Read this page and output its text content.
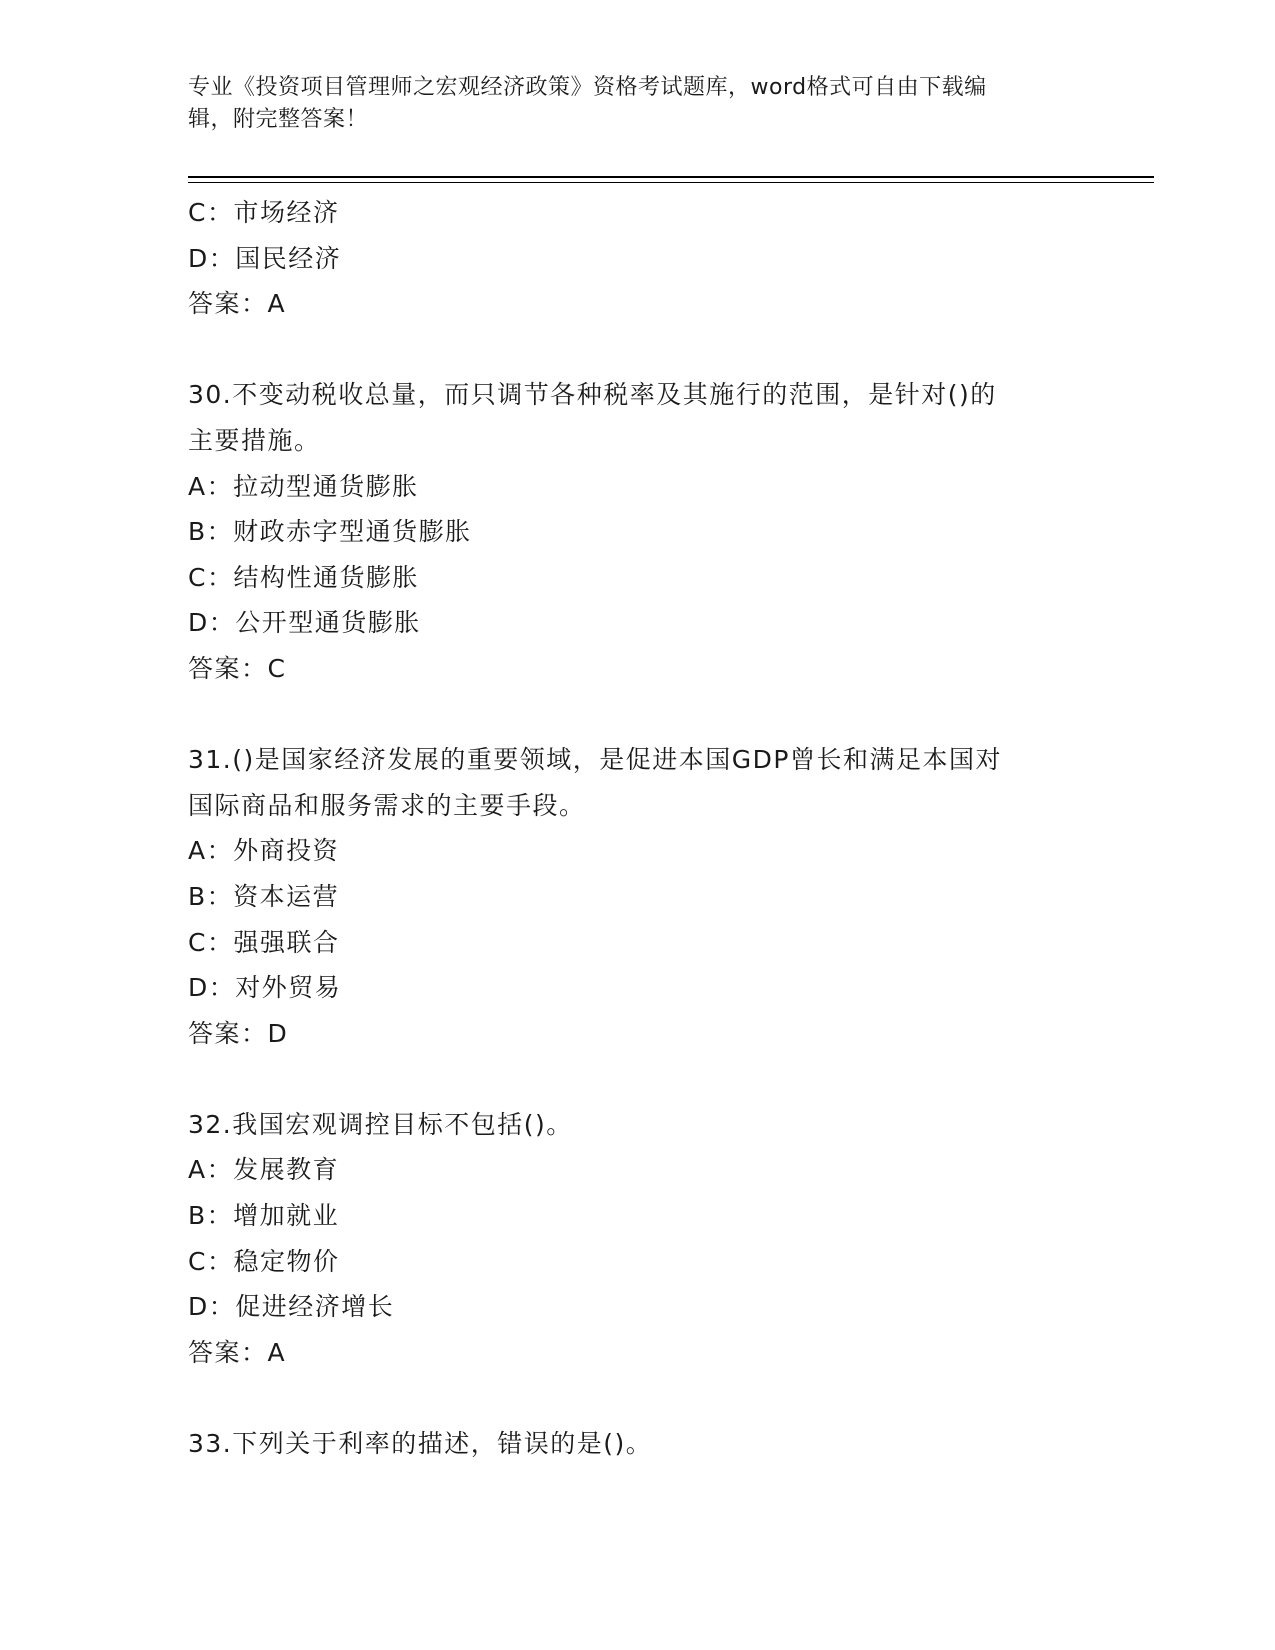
专业《投资项目管理师之宏观经济政策》资格考试题库，word格式可自由下载编
辑，附完整答案！
C：市场经济
D：国民经济
答案：A
30.不变动税收总量，而只调节各种税率及其施行的范围，是针对()的
主要措施。
A：拉动型通货膨胀
B：财政赤字型通货膨胀
C：结构性通货膨胀
D：公开型通货膨胀
答案：C
31.()是国家经济发展的重要领域，是促进本国GDP曾长和满足本国对
国际商品和服务需求的主要手段。
A：外商投资
B：资本运营
C：强强联合
D：对外贸易
答案：D
32.我国宏观调控目标不包括()。
A：发展教育
B：增加就业
C：稳定物价
D：促进经济增长
答案：A
33.下列关于利率的描述，错误的是()。
